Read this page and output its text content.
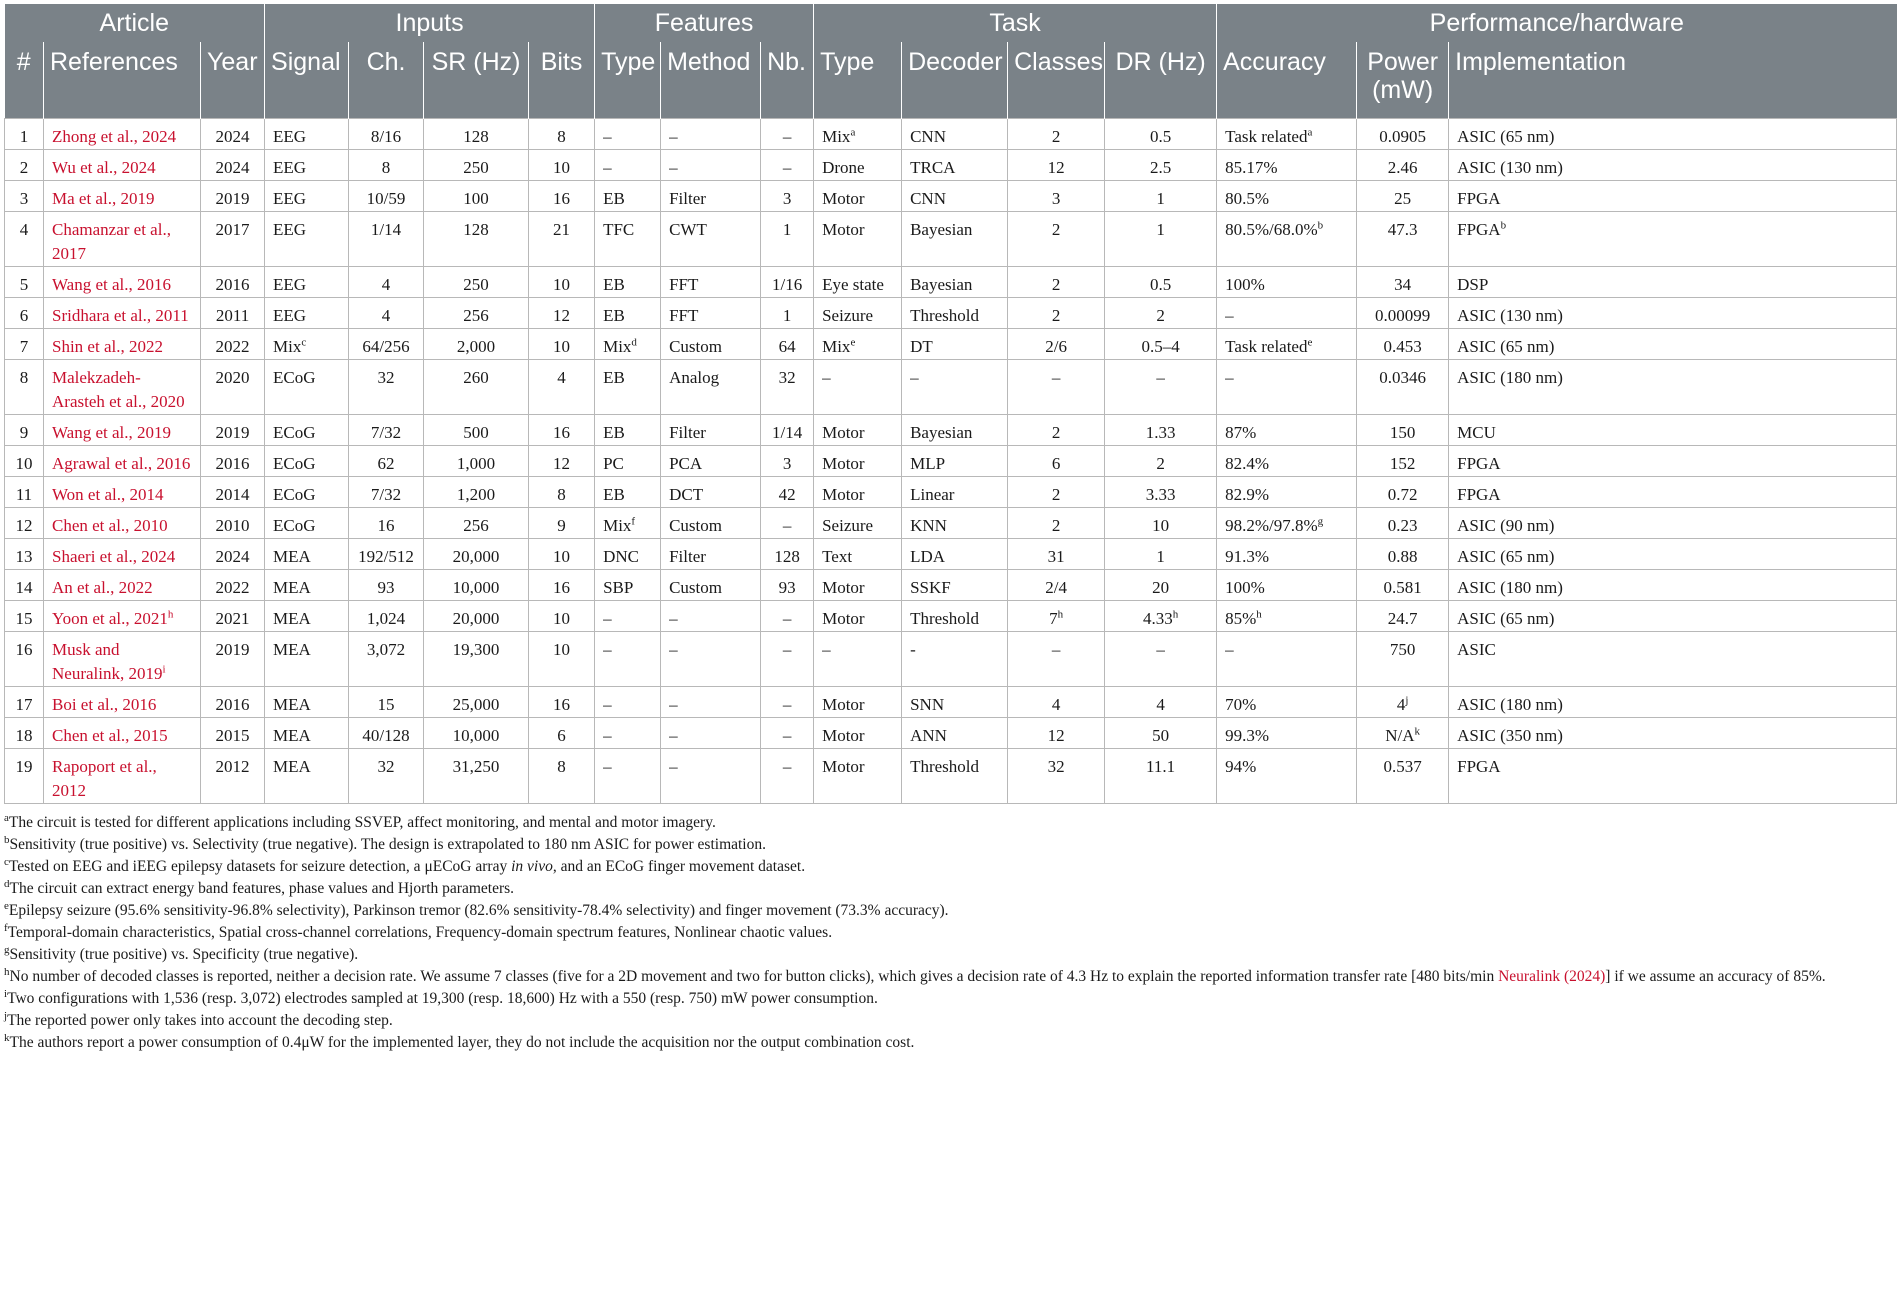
Article			Inputs				Features			Task				Performance/hardware		
#	References	Year	Signal	Ch.	SR (Hz)	Bits	Type	Method	Nb.	Type	Decoder	Classes	DR (Hz)	Accuracy	Power (mW)	Implementation
1	Zhong et al., 2024	2024	EEG	8/16	128	8	–	–	–	Mix$^a$	CNN	2	0.5	Task related$^a$	0.0905	ASIC (65 nm)
2	Wu et al., 2024	2024	EEG	8	250	10	–	–	–	Drone	TRCA	12	2.5	85.17%	2.46	ASIC (130 nm)
3	Ma et al., 2019	2019	EEG	10/59	100	16	EB	Filter	3	Motor	CNN	3	1	80.5%	25	FPGA
4	Chamanzar et al., 2017	2017	EEG	1/14	128	21	TFC	CWT	1	Motor	Bayesian	2	1	80.5%/68.0%$^b$	47.3	FPGA$^b$
5	Wang et al., 2016	2016	EEG	4	250	10	EB	FFT	1/16	Eye state	Bayesian	2	0.5	100%	34	DSP
6	Sridhara et al., 2011	2011	EEG	4	256	12	EB	FFT	1	Seizure	Threshold	2	2	–	0.00099	ASIC (130 nm)
7	Shin et al., 2022	2022	Mix$^c$	64/256	2,000	10	Mix$^d$	Custom	64	Mix$^e$	DT	2/6	0.5–4	Task related$^e$	0.453	ASIC (65 nm)
8	Malekzadeh-Arasteh et al., 2020	2020	ECoG	32	260	4	EB	Analog	32	–	–	–	–	–	0.0346	ASIC (180 nm)
9	Wang et al., 2019	2019	ECoG	7/32	500	16	EB	Filter	1/14	Motor	Bayesian	2	1.33	87%	150	MCU
10	Agrawal et al., 2016	2016	ECoG	62	1,000	12	PC	PCA	3	Motor	MLP	6	2	82.4%	152	FPGA
11	Won et al., 2014	2014	ECoG	7/32	1,200	8	EB	DCT	42	Motor	Linear	2	3.33	82.9%	0.72	FPGA
12	Chen et al., 2010	2010	ECoG	16	256	9	Mix$^f$	Custom	–	Seizure	KNN	2	10	98.2%/97.8%$^g$	0.23	ASIC (90 nm)
13	Shaeri et al., 2024	2024	MEA	192/512	20,000	10	DNC	Filter	128	Text	LDA	31	1	91.3%	0.88	ASIC (65 nm)
14	An et al., 2022	2022	MEA	93	10,000	16	SBP	Custom	93	Motor	SSKF	2/4	20	100%	0.581	ASIC (180 nm)
15	Yoon et al., 2021$^h$	2021	MEA	1,024	20,000	10	–	–	–	Motor	Threshold	7$^h$	4.33$^h$	85%$^h$	24.7	ASIC (65 nm)
16	Musk and Neuralink, 2019$^i$	2019	MEA	3,072	19,300	10	–	–	–	–	-	–	–	–	750	ASIC
17	Boi et al., 2016	2016	MEA	15	25,000	16	–	–	–	Motor	SNN	4	4	70%	4$^j$	ASIC (180 nm)
18	Chen et al., 2015	2015	MEA	40/128	10,000	6	–	–	–	Motor	ANN	12	50	99.3%	$N/A^k$	ASIC (350 nm)
19	Rapoport et al., 2012	2012	MEA	32	31,250	8	–	–	–	Motor	Threshold	32	11.1	94%	0.537	FPGA
$^a$The circuit is tested for different applications including SSVEP, affect monitoring, and mental and motor imagery.
$^b$Sensitivity (true positive) vs. Selectivity (true negative). The design is extrapolated to 180 nm ASIC for power estimation.
$^c$Tested on EEG and iEEG epilepsy datasets for seizure detection, a μECoG array in vivo, and an ECoG finger movement dataset.
$^d$The circuit can extract energy band features, phase values and Hjorth parameters.
$^e$Epilepsy seizure (95.6% sensitivity-96.8% selectivity), Parkinson tremor (82.6% sensitivity-78.4% selectivity) and finger movement (73.3% accuracy).
$^f$Temporal-domain characteristics, Spatial cross-channel correlations, Frequency-domain spectrum features, Nonlinear chaotic values.
$^g$Sensitivity (true positive) vs. Specificity (true negative).
$^h$No number of decoded classes is reported, neither a decision rate. We assume 7 classes (five for a 2D movement and two for button clicks), which gives a decision rate of 4.3 Hz to explain the reported information transfer rate [480 bits/min Neuralink (2024)] if we assume an accuracy of 85%.
$^i$Two configurations with 1,536 (resp. 3,072) electrodes sampled at 19,300 (resp. 18,600) Hz with a 550 (resp. 750) mW power consumption.
$^j$The reported power only takes into account the decoding step.
$^k$The authors report a power consumption of 0.4μW for the implemented layer, they do not include the acquisition nor the output combination cost.
